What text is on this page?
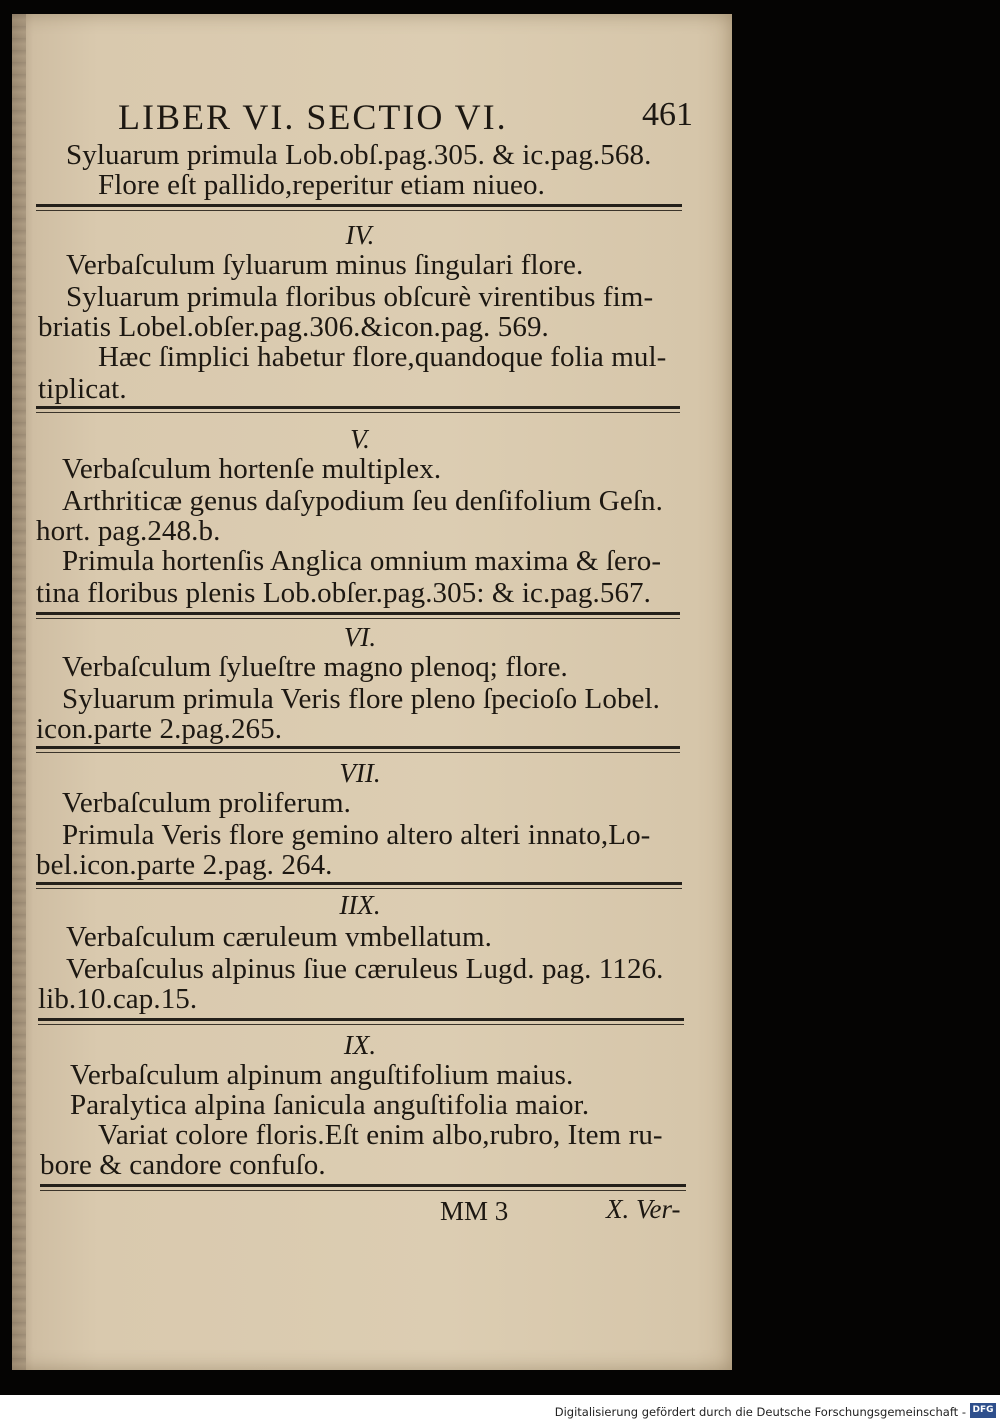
LIBER VI. SECTIO VI.	461
Syluarum primula Lob.obſ.pag.305. & ic.pag.568.
Flore eſt pallido,reperitur etiam niueo.
IV.
Verbaſculum ſyluarum minus ſingulari flore.
Syluarum primula floribus obſcurè virentibus fim-
briatis Lobel.obſer.pag.306.&icon.pag. 569.
Hæc ſimplici habetur flore,quandoque folia mul-
tiplicat.
V.
Verbaſculum hortenſe multiplex.
Arthriticæ genus daſypodium ſeu denſifolium Geſn.
hort. pag.248.b.
Primula hortenſis Anglica omnium maxima & ſero-
tina floribus plenis Lob.obſer.pag.305: & ic.pag.567.
VI.
Verbaſculum ſylueſtre magno plenoq; flore.
Syluarum primula Veris flore pleno ſpecioſo Lobel.
icon.parte 2.pag.265.
VII.
Verbaſculum proliferum.
Primula Veris flore gemino altero alteri innato,Lo-
bel.icon.parte 2.pag. 264.
IIX.
Verbaſculum cæruleum vmbellatum.
Verbaſculus alpinus ſiue cæruleus Lugd. pag. 1126.
lib.10.cap.15.
IX.
Verbaſculum alpinum anguſtifolium maius.
Paralytica alpina ſanicula anguſtifolia maior.
Variat colore floris.Eſt enim albo,rubro, Item ru-
bore & candore confuſo.
MM 3	X. Ver-
Digitalisierung gefördert durch die Deutsche Forschungsgemeinschaft - DFG
